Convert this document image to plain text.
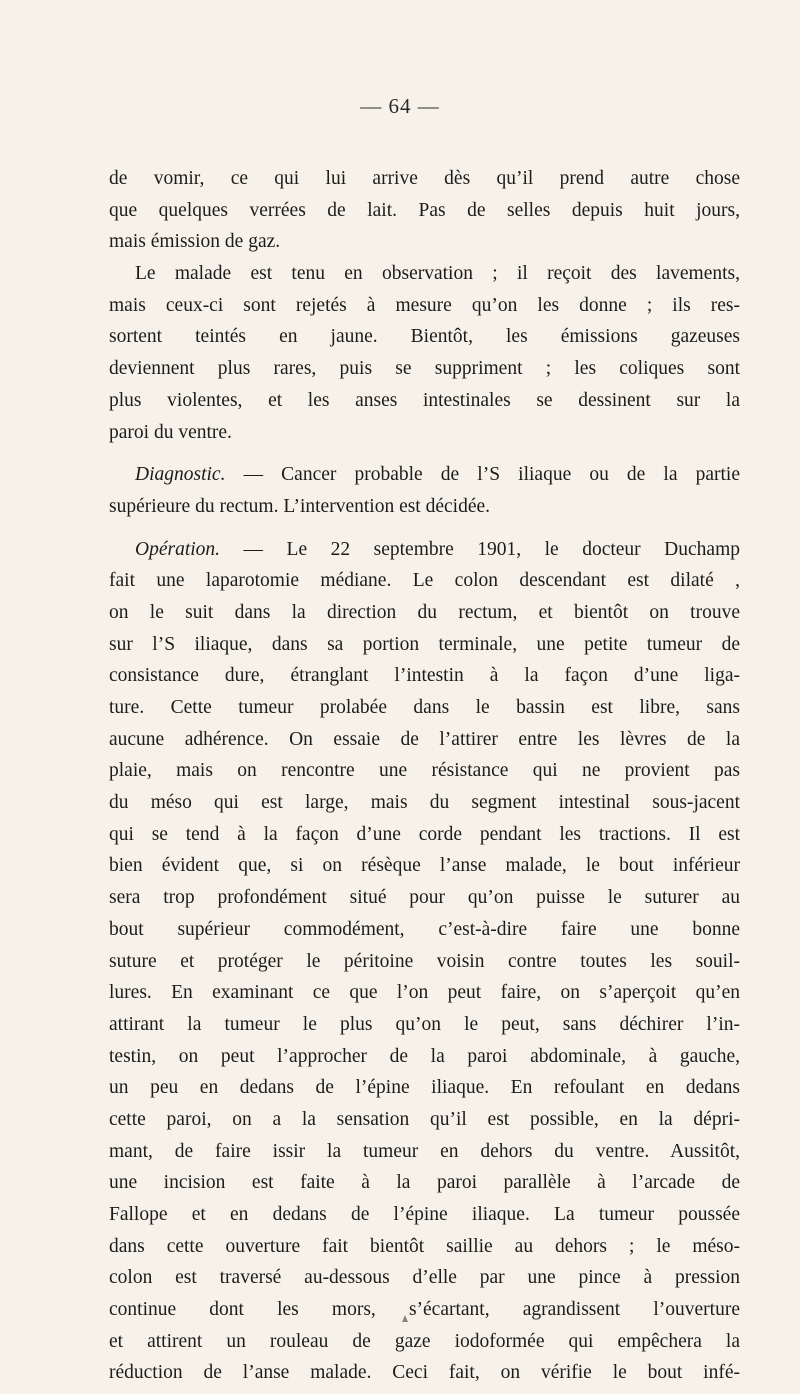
— 64 —
de vomir, ce qui lui arrive dès qu’il prend autre chose
que quelques verrées de lait. Pas de selles depuis huit jours,
mais émission de gaz.
Le malade est tenu en observation ; il reçoit des lavements,
mais ceux-ci sont rejetés à mesure qu’on les donne ; ils res-
sortent teintés en jaune. Bientôt, les émissions gazeuses
deviennent plus rares, puis se suppriment ; les coliques sont
plus violentes, et les anses intestinales se dessinent sur la
paroi du ventre.
Diagnostic. — Cancer probable de l’S iliaque ou de la partie
supérieure du rectum. L’intervention est décidée.
Opération. — Le 22 septembre 1901, le docteur Duchamp
fait une laparotomie médiane. Le colon descendant est dilaté ,
on le suit dans la direction du rectum, et bientôt on trouve
sur l’S iliaque, dans sa portion terminale, une petite tumeur de
consistance dure, étranglant l’intestin à la façon d’une liga-
ture. Cette tumeur prolabée dans le bassin est libre, sans
aucune adhérence. On essaie de l’attirer entre les lèvres de la
plaie, mais on rencontre une résistance qui ne provient pas
du méso qui est large, mais du segment intestinal sous-jacent
qui se tend à la façon d’une corde pendant les tractions. Il est
bien évident que, si on résèque l’anse malade, le bout inférieur
sera trop profondément situé pour qu’on puisse le suturer au
bout supérieur commodément, c’est-à-dire faire une bonne
suture et protéger le péritoine voisin contre toutes les souil-
lures. En examinant ce que l’on peut faire, on s’aperçoit qu’en
attirant la tumeur le plus qu’on le peut, sans déchirer l’in-
testin, on peut l’approcher de la paroi abdominale, à gauche,
un peu en dedans de l’épine iliaque. En refoulant en dedans
cette paroi, on a la sensation qu’il est possible, en la dépri-
mant, de faire issir la tumeur en dehors du ventre. Aussitôt,
une incision est faite à la paroi parallèle à l’arcade de
Fallope et en dedans de l’épine iliaque. La tumeur poussée
dans cette ouverture fait bientôt saillie au dehors ; le méso-
colon est traversé au-dessous d’elle par une pince à pression
continue dont les mors, s’écartant, agrandissent l’ouverture
et attirent un rouleau de gaze iodoformée qui empêchera la
réduction de l’anse malade. Ceci fait, on vérifie le bout infé-
